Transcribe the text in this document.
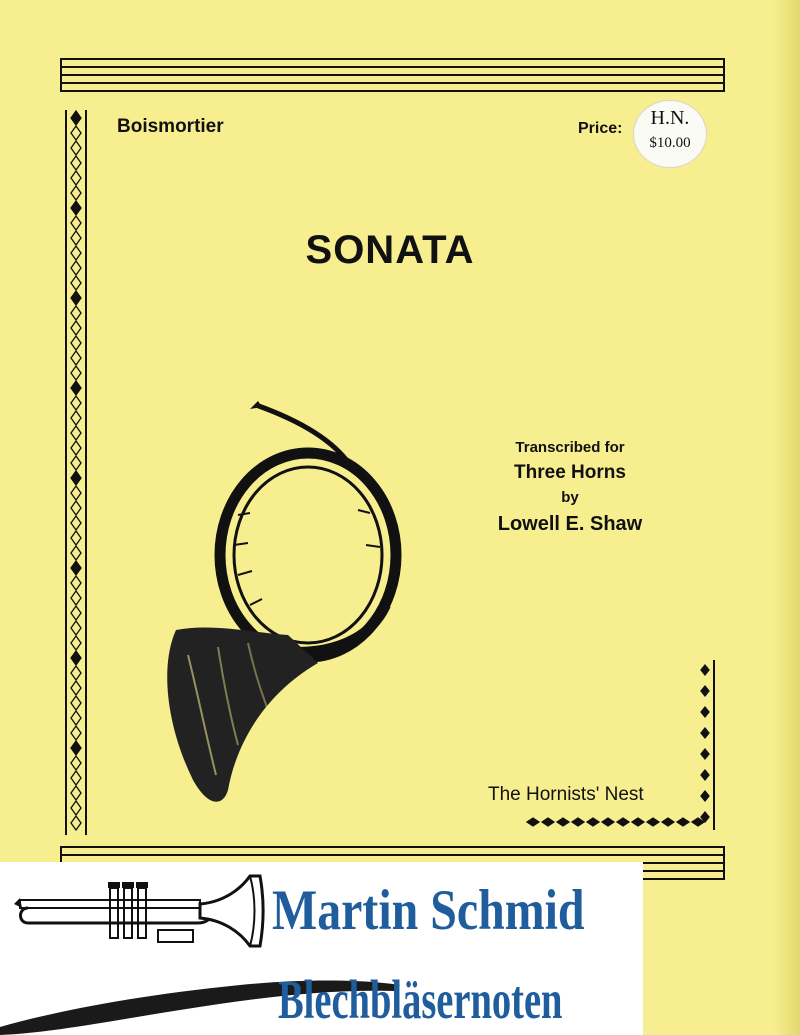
Boismortier	Price:	H.N.
$10.00
SONATA
Transcribed for
Three Horns
by
Lowell E. Shaw
The Hornists' Nest
Martin Schmid
Blechbläsernoten
